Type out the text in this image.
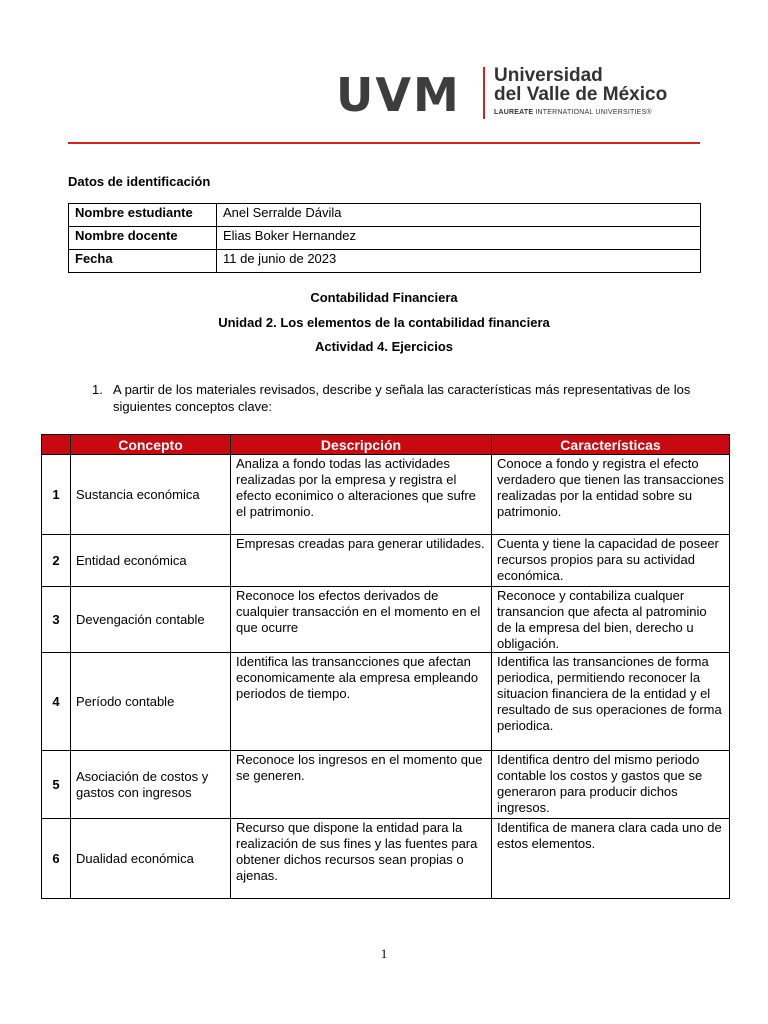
UVM Universidad
del Valle de México
LAUREATE INTERNATIONAL UNIVERSITIES®
Datos de identificación
Nombre estudiante	Anel Serralde Dávila
Nombre docente	Elias Boker Hernandez
Fecha	11 de junio de 2023
Contabilidad Financiera
Unidad 2. Los elementos de la contabilidad financiera
Actividad 4. Ejercicios
1. A partir de los materiales revisados, describe y señala las características más representativas de los siguientes conceptos clave:
	Concepto	Descripción	Características
1	Sustancia económica	Analiza a fondo todas las actividades realizadas por la empresa y registra el efecto econimico o alteraciones que sufre el patrimonio.	Conoce a fondo y registra el efecto verdadero que tienen las transacciones realizadas por la entidad sobre su patrimonio.
2	Entidad económica	Empresas creadas para generar utilidades.	Cuenta y tiene la capacidad de poseer recursos propios para su actividad económica.
3	Devengación contable	Reconoce los efectos derivados de cualquier transacción en el momento en el que ocurre	Reconoce y contabiliza cualquer transancion que afecta al patrominio de la empresa del bien, derecho u obligación.
4	Período contable	Identifica las transancciones que afectan economicamente ala empresa empleando periodos de tiempo.	Identifica las transanciones de forma periodica, permitiendo reconocer la situacion financiera de la entidad y el resultado de sus operaciones de forma periodica.
5	Asociación de costos y gastos con ingresos	Reconoce los ingresos en el momento que se generen.	Identifica dentro del mismo periodo contable los costos y gastos que se generaron para producir dichos ingresos.
6	Dualidad económica	Recurso que dispone la entidad para la realización de sus fines y las fuentes para obtener dichos recursos sean propias o ajenas.	Identifica de manera clara cada uno de estos elementos.
1
